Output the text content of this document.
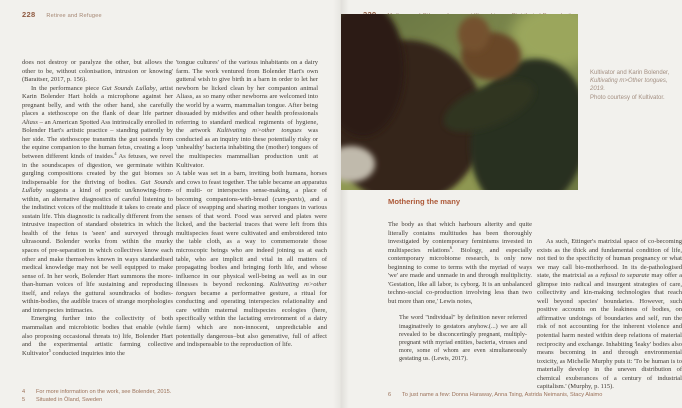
228 Retiree and Refugee

does not destroy or paralyze the other, but allows the other to be, without colonisation, intrusion or knowing' (Baraitser, 2017, p. 156).

In the performance piece Gut Sounds Lullaby, artist Karin Bolender Hart holds a microphone against her pregnant belly, and with the other hand, she carefully places a stethoscope on the flank of dear life partner Aliass – an American Spotted Ass intrinsically enrolled in Bolender Hart's artistic practice – standing patiently by her side. The stethoscope transmits the gut sounds from the equine companion to the human fetus, creating a loop between different kinds of insides.$^4$ As fetuses, we revel in the soundscapes of digestion, we germinate within gurgling compositions created by the gut biomes so indispensable for the thriving of bodies. Gut Sounds Lullaby suggests a kind of poetic un/knowing-from-within, an alternative diagnostics of careful listening to the indistinct voices of the multitude it takes to create and sustain life. This diagnostic is radically different from the intrusive inspection of standard obstetrics in which the health of the fetus is 'seen' and surveyed through ultrasound. Bolender works from within the murky spaces of pre-separation in which collectives know each other and make themselves known in ways standardised medical knowledge may not be well equipped to make sense of. In her work, Bolender Hart summons the more-than-human voices of life sustaining and reproducing itself, and relays the guttural soundtracks of bodies-within-bodies, the audible traces of strange morphologies and interspecies intimacies.

Emerging further into the collectivity of both mammalian and microbiotic bodies that enable (while also proposing occasional threats to) life, Bolender Hart and the experimental artistic farming collective Kultivator$^5$ conducted inquiries into the

'tongue cultures' of the various inhabitants on a dairy farm. The work ventured from Bolender Hart's own gutteral wish to give birth in a barn in order to let her newborn be licked clean by her companion animal Aliass, as so many other newborns are welcomed into the world by a warm, mammalian tongue. After being dissuaded by midwifes and other health professionals referring to standard medical regiments of hygiene, the artwork Kultivating m>other tongues was conducted as an inquiry into these potentially risky or 'unhealthy' bacteria inhabiting the (mother) tongues of the multispecies mammallian production unit at Kultivator.
A table was set in a barn, inviting both humans, horses and cows to feast together. The table became an apparatus of multi- or interspecies sense-making, a place of becoming companions-with-bread (cum-panis), and a place of swapping and sharing mother tongues in various senses of that word. Food was served and plates were licked, and the bacterial traces that were left from this multispecies feast were cultivated and embroidered into the table cloth, as a way to commemorate those microscopic beings who are indeed joining us at each table, who are implicit and vital in all matters of propagating bodies and bringing forth life, and whose influence in our physical well-being as well as in our illnesses is beyond reckoning. Kultivating m>other tongues became a performative gesture, a ritual for conducting and operating interspecies relationality and care within maternal multispecies ecologies (here, specifically within the lactating environment of a dairy farm) which are non-innocent, unpredictable and potentially dangerous–but also generative, full of affect and indispensable to the reproduction of life.
4	For more information on the work, see Bolender, 2015.
5	Situated in Öland, Sweden
Kultivator and Karin Bolender,
Kultivating m>Other tongues, 2019.
Photo courtesy of Kultivator.
Mothering the many
The body as that which harbours alterity and quite literally contains multitudes has been thoroughly investigated by contemporary feminisms invested in multispecies relations$^6$. Biology, and especially contemporary microbiome research, is only now beginning to come to terms with the myriad of ways 'we' are made and unmade in and through multiplicity. 'Gestation, like all labor, is cyborg. It is an unbalanced techno-social co-production involving less than two but more than one,' Lewis notes,
The word "individual" by definition never referred imaginatively to gestators anyhow.(...) we are all revealed to be disconcertingly pregnant, multiply-pregnant with myriad entities, bacteria, viruses and more, some of whom are even simultaneously gestating us. (Lewis, 2017).
As such, Ettinger's matrixial space of co-becoming exists as the thick and fundamental condition of life, not tied to the specificity of human pregnancy or what we may call bio-motherhood. In its de-pathologised state, the matrixial as a refusal to separate may offer a glimpse into radical and insurgent strategies of care, collectivity and kin-making technologies that reach well beyond species' boundaries. However, such positive accounts on the leakiness of bodies, on affirmative undoings of boundaries and self, run the risk of not accounting for the inherent violence and potential harm nested within deep relations of material reciprocity and exchange. Inhabiting 'leaky' bodies also means becoming in and through environmental toxicity, as Michelle Murphy puts it: 'To be human is to materially develop in the uneven distribution of chemical exuberances of a century of industrial capitalism.' (Murphy, p. 115).
6	To just name a few: Donna Haraway, Anna Tsing, Astrida Neimanis, Stacy Alaimo
